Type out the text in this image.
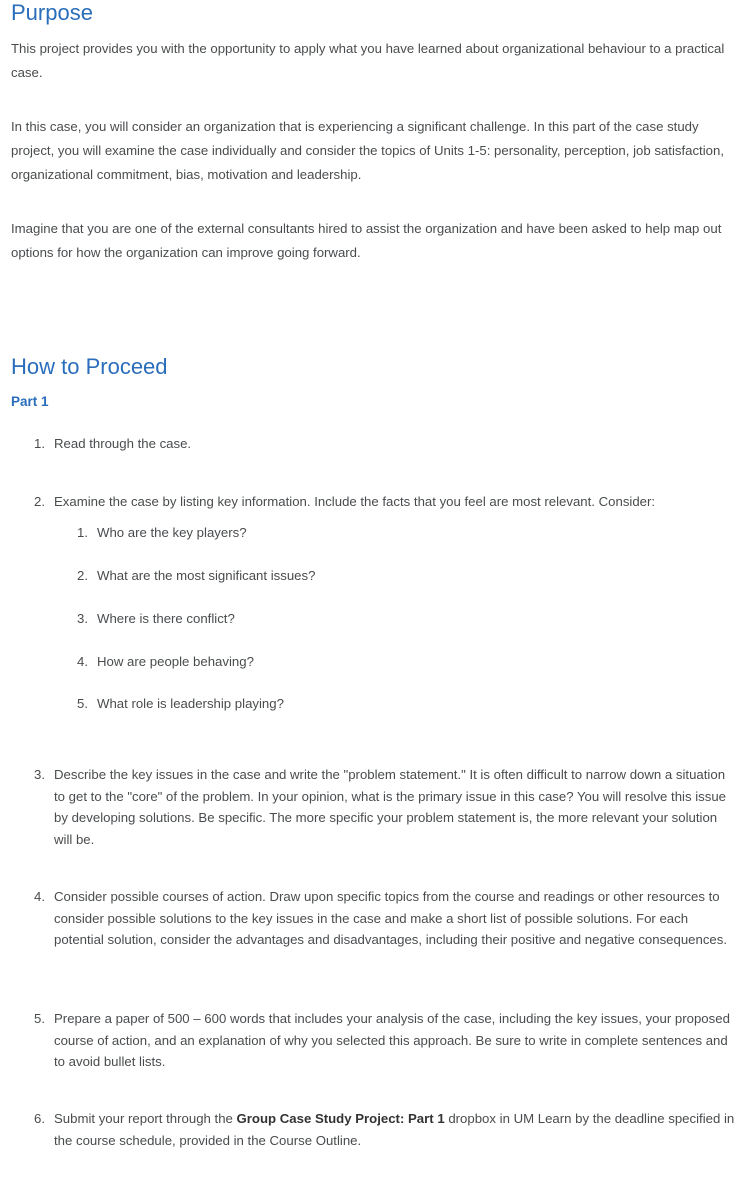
Purpose

This project provides you with the opportunity to apply what you have learned about organizational behaviour to a practical case.

In this case, you will consider an organization that is experiencing a significant challenge. In this part of the case study project, you will examine the case individually and consider the topics of Units 1-5: personality, perception, job satisfaction, organizational commitment, bias, motivation and leadership.

Imagine that you are one of the external consultants hired to assist the organization and have been asked to help map out options for how the organization can improve going forward.

How to Proceed
Part 1
1. Read through the case.
2. Examine the case by listing key information. Include the facts that you feel are most relevant. Consider:
1. Who are the key players?
2. What are the most significant issues?
3. Where is there conflict?
4. How are people behaving?
5. What role is leadership playing?
3. Describe the key issues in the case and write the "problem statement." It is often difficult to narrow down a situation to get to the "core" of the problem. In your opinion, what is the primary issue in this case? You will resolve this issue by developing solutions. Be specific. The more specific your problem statement is, the more relevant your solution will be.
4. Consider possible courses of action. Draw upon specific topics from the course and readings or other resources to consider possible solutions to the key issues in the case and make a short list of possible solutions. For each potential solution, consider the advantages and disadvantages, including their positive and negative consequences.
5. Prepare a paper of 500 – 600 words that includes your analysis of the case, including the key issues, your proposed course of action, and an explanation of why you selected this approach. Be sure to write in complete sentences and to avoid bullet lists.
6. Submit your report through the Group Case Study Project: Part 1 dropbox in UM Learn by the deadline specified in the course schedule, provided in the Course Outline.
